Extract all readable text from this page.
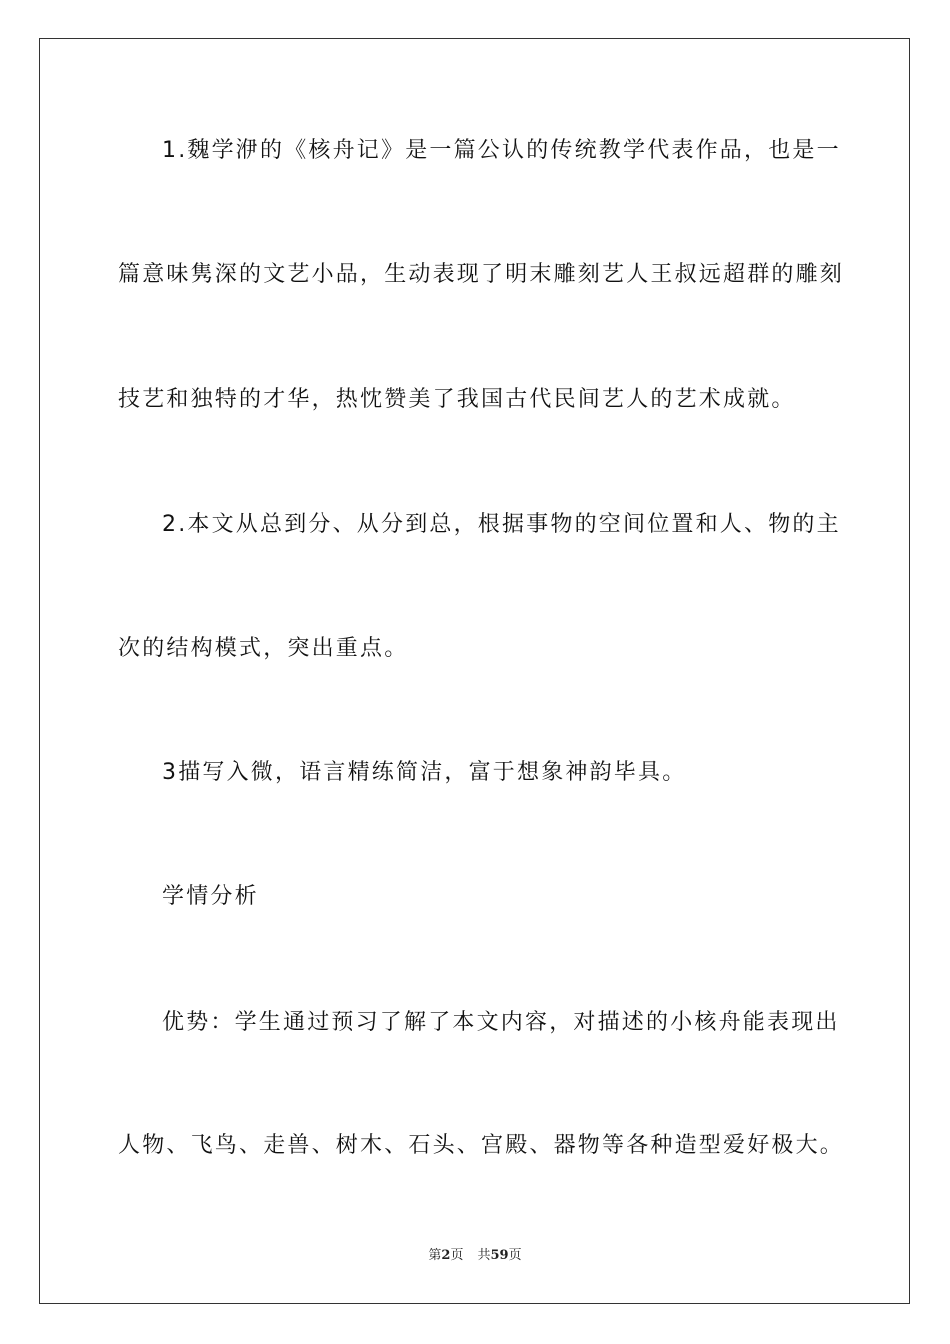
1.魏学洢的《核舟记》是一篇公认的传统教学代表作品，也是一
篇意味隽深的文艺小品，生动表现了明末雕刻艺人王叔远超群的雕刻
技艺和独特的才华，热忱赞美了我国古代民间艺人的艺术成就。
2.本文从总到分、从分到总，根据事物的空间位置和人、物的主
次的结构模式，突出重点。
3描写入微，语言精练简洁，富于想象神韵毕具。
学情分析
优势：学生通过预习了解了本文内容，对描述的小核舟能表现出
人物、飞鸟、走兽、树木、石头、宫殿、器物等各种造型爱好极大。
第2页 共59页
